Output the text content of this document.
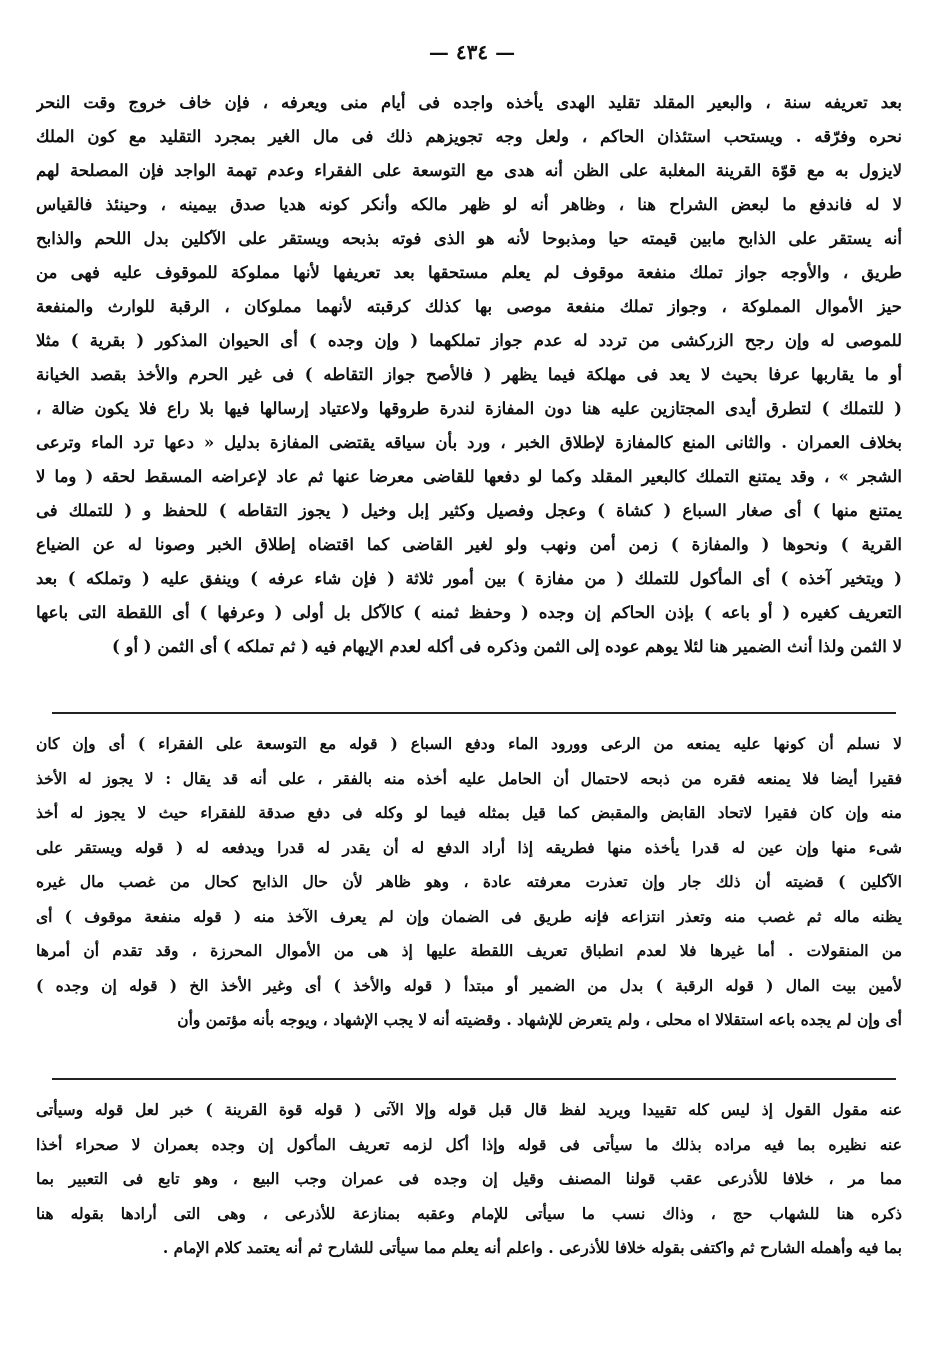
— ٤٣٤ —
بعد تعريفه سنة ، والبعير المقلد تقليد الهدى يأخذه واجده فى أيام منى ويعرفه ، فإن خاف خروج وقت النحر
نحره وفرّقه . ويستحب استئذان الحاكم ، ولعل وجه تجويزهم ذلك فى مال الغير بمجرد التقليد مع كون الملك
لايزول به مع قوّة القرينة المغلبة على الظن أنه هدى مع التوسعة على الفقراء وعدم تهمة الواجد فإن المصلحة لهم
لا له فاندفع ما لبعض الشراح هنا ، وظاهر أنه لو ظهر مالكه وأنكر كونه هديا صدق بيمينه ، وحينئذ فالقياس
أنه يستقر على الذابح مابين قيمته حيا ومذبوحا لأنه هو الذى فوته بذبحه ويستقر على الآكلين بدل اللحم والذابح
طريق ، والأوجه جواز تملك منفعة موقوف لم يعلم مستحقها بعد تعريفها لأنها مملوكة للموقوف عليه فهى من
حيز الأموال المملوكة ، وجواز تملك منفعة موصى بها كذلك كرقبته لأنهما مملوكان ، الرقبة للوارث والمنفعة
للموصى له وإن رجح الزركشى من تردد له عدم جواز تملكهما ( وإن وجده ) أى الحيوان المذكور ( بقرية ) مثلا
أو ما يقاربها عرفا بحيث لا يعد فى مهلكة فيما يظهر ( فالأصح جواز التقاطه ) فى غير الحرم والأخذ بقصد الخيانة
( للتملك ) لتطرق أيدى المجتازين عليه هنا دون المفازة لندرة طروقها ولاعتياد إرسالها فيها بلا راع فلا يكون ضالة ،
بخلاف العمران . والثانى المنع كالمفازة لإطلاق الخبر ، ورد بأن سياقه يقتضى المفازة بدليل « دعها ترد الماء وترعى
الشجر » ، وقد يمتنع التملك كالبعير المقلد وكما لو دفعها للقاضى معرضا عنها ثم عاد لإعراضه المسقط لحقه ( وما لا
يمتنع منها ) أى صغار السباع ( كشاة ) وعجل وفصيل وكثير إبل وخيل ( يجوز التقاطه ) للحفظ و ( للتملك فى
القرية ) ونحوها ( والمفازة ) زمن أمن ونهب ولو لغير القاضى كما اقتضاه إطلاق الخبر وصونا له عن الضياع
( ويتخير آخذه ) أى المأكول للتملك ( من مفازة ) بين أمور ثلاثة ( فإن شاء عرفه ) وينفق عليه ( وتملكه ) بعد
التعريف كغيره ( أو باعه ) بإذن الحاكم إن وجده ( وحفظ ثمنه ) كالآكل بل أولى ( وعرفها ) أى اللقطة التى باعها
لا الثمن ولذا أنث الضمير هنا لئلا يوهم عوده إلى الثمن وذكره فى أكله لعدم الإيهام فيه ( ثم تملكه ) أى الثمن ( أو )
لا نسلم أن كونها عليه يمنعه من الرعى وورود الماء ودفع السباع ( قوله مع التوسعة على الفقراء ) أى وإن كان
فقيرا أيضا فلا يمنعه فقره من ذبحه لاحتمال أن الحامل عليه أخذه منه بالفقر ، على أنه قد يقال : لا يجوز له الأخذ
منه وإن كان فقيرا لاتحاد القابض والمقبض كما قيل بمثله فيما لو وكله فى دفع صدقة للفقراء حيث لا يجوز له أخذ
شىء منها وإن عين له قدرا يأخذه منها فطريقه إذا أراد الدفع له أن يقدر له قدرا ويدفعه له ( قوله ويستقر على
الآكلين ) قضيته أن ذلك جار وإن تعذرت معرفته عادة ، وهو ظاهر لأن حال الذابح كحال من غصب مال غيره
يظنه ماله ثم غصب منه وتعذر انتزاعه فإنه طريق فى الضمان وإن لم يعرف الآخذ منه ( قوله منفعة موقوف ) أى
من المنقولات . أما غيرها فلا لعدم انطباق تعريف اللقطة عليها إذ هى من الأموال المحرزة ، وقد تقدم أن أمرها
لأمين بيت المال ( قوله الرقبة ) بدل من الضمير أو مبتدأ ( قوله والأخذ ) أى وغير الأخذ الخ ( قوله إن وجده )
أى وإن لم يجده باعه استقلالا اه محلى ، ولم يتعرض للإشهاد . وقضيته أنه لا يجب الإشهاد ، ويوجه بأنه مؤتمن وأن
عنه مقول القول إذ ليس كله تقييدا ويريد لفظ قال قبل قوله وإلا الآتى ( قوله قوة القرينة ) خبر لعل قوله وسيأتى
عنه نظيره بما فيه مراده بذلك ما سيأتى فى قوله وإذا أكل لزمه تعريف المأكول إن وجده بعمران لا صحراء أخذا
مما مر ، خلافا للأذرعى عقب قولنا المصنف وقيل إن وجده فى عمران وجب البيع ، وهو تابع فى التعبير بما
ذكره هنا للشهاب حج ، وذاك نسب ما سيأتى للإمام وعقبه بمنازعة للأذرعى ، وهى التى أرادها بقوله هنا
بما فيه وأهمله الشارح ثم واكتفى بقوله خلافا للأذرعى . واعلم أنه يعلم مما سيأتى للشارح ثم أنه يعتمد كلام الإمام .
